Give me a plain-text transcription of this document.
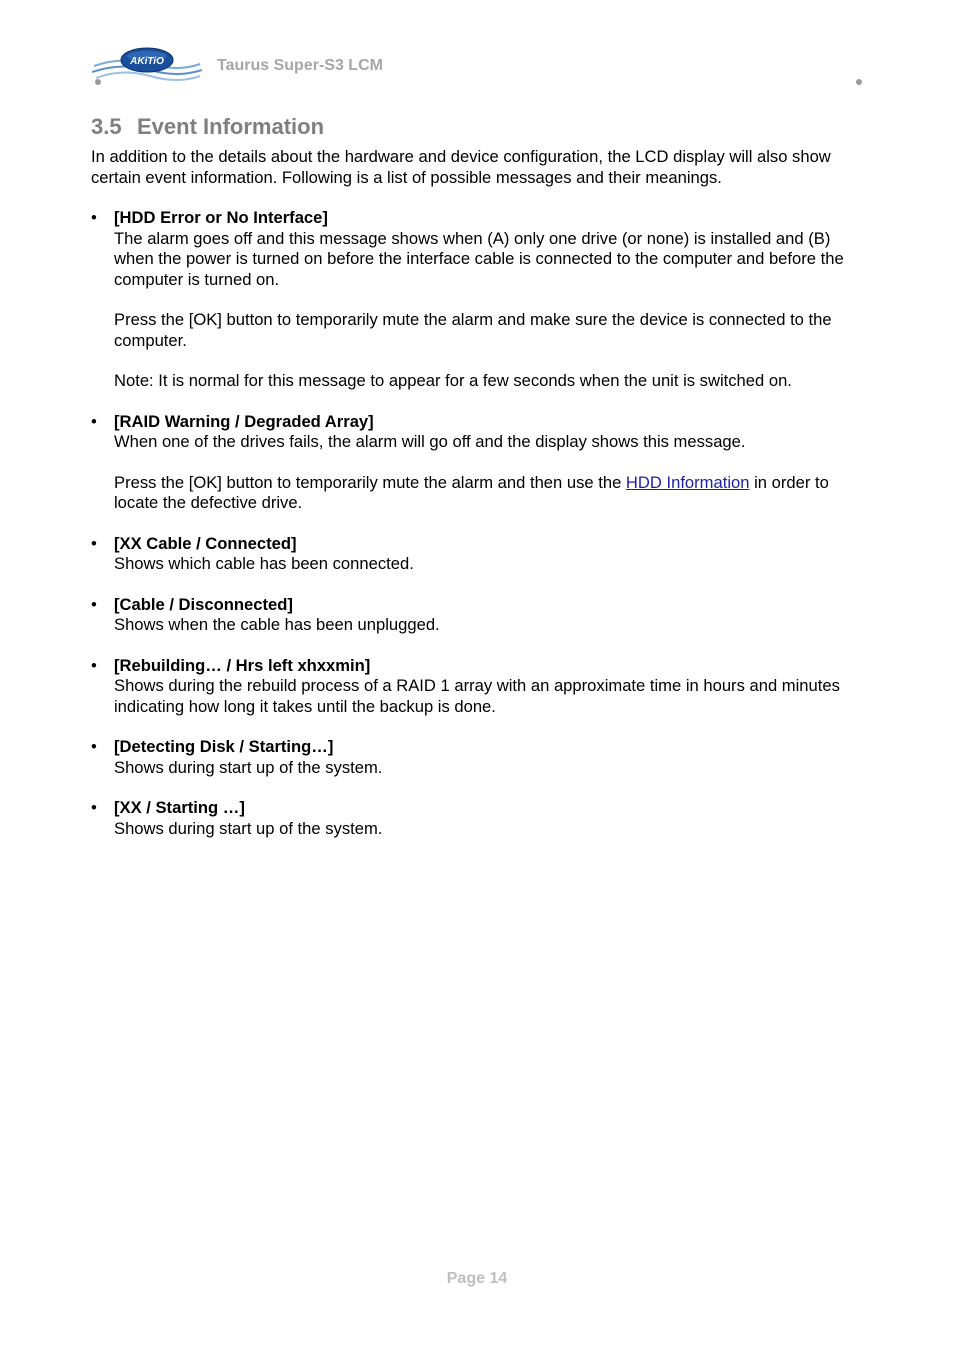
AKiTiO	Taurus Super-S3 LCM
3.5 Event Information

In addition to the details about the hardware and device configuration, the LCD display will also show certain event information. Following is a list of possible messages and their meanings.

• [HDD Error or No Interface]

The alarm goes off and this message shows when (A) only one drive (or none) is installed and (B) when the power is turned on before the interface cable is connected to the computer and before the computer is turned on.

Press the [OK] button to temporarily mute the alarm and make sure the device is connected to the computer.

Note: It is normal for this message to appear for a few seconds when the unit is switched on.

• [RAID Warning / Degraded Array]

When one of the drives fails, the alarm will go off and the display shows this message.

Press the [OK] button to temporarily mute the alarm and then use the HDD Information in order to locate the defective drive.

• [XX Cable / Connected]

Shows which cable has been connected.

• [Cable / Disconnected]

Shows when the cable has been unplugged.

• [Rebuilding… / Hrs left xhxxmin]

Shows during the rebuild process of a RAID 1 array with an approximate time in hours and minutes indicating how long it takes until the backup is done.

• [Detecting Disk / Starting…]

Shows during start up of the system.

• [XX / Starting …]

Shows during start up of the system.

Page 14
